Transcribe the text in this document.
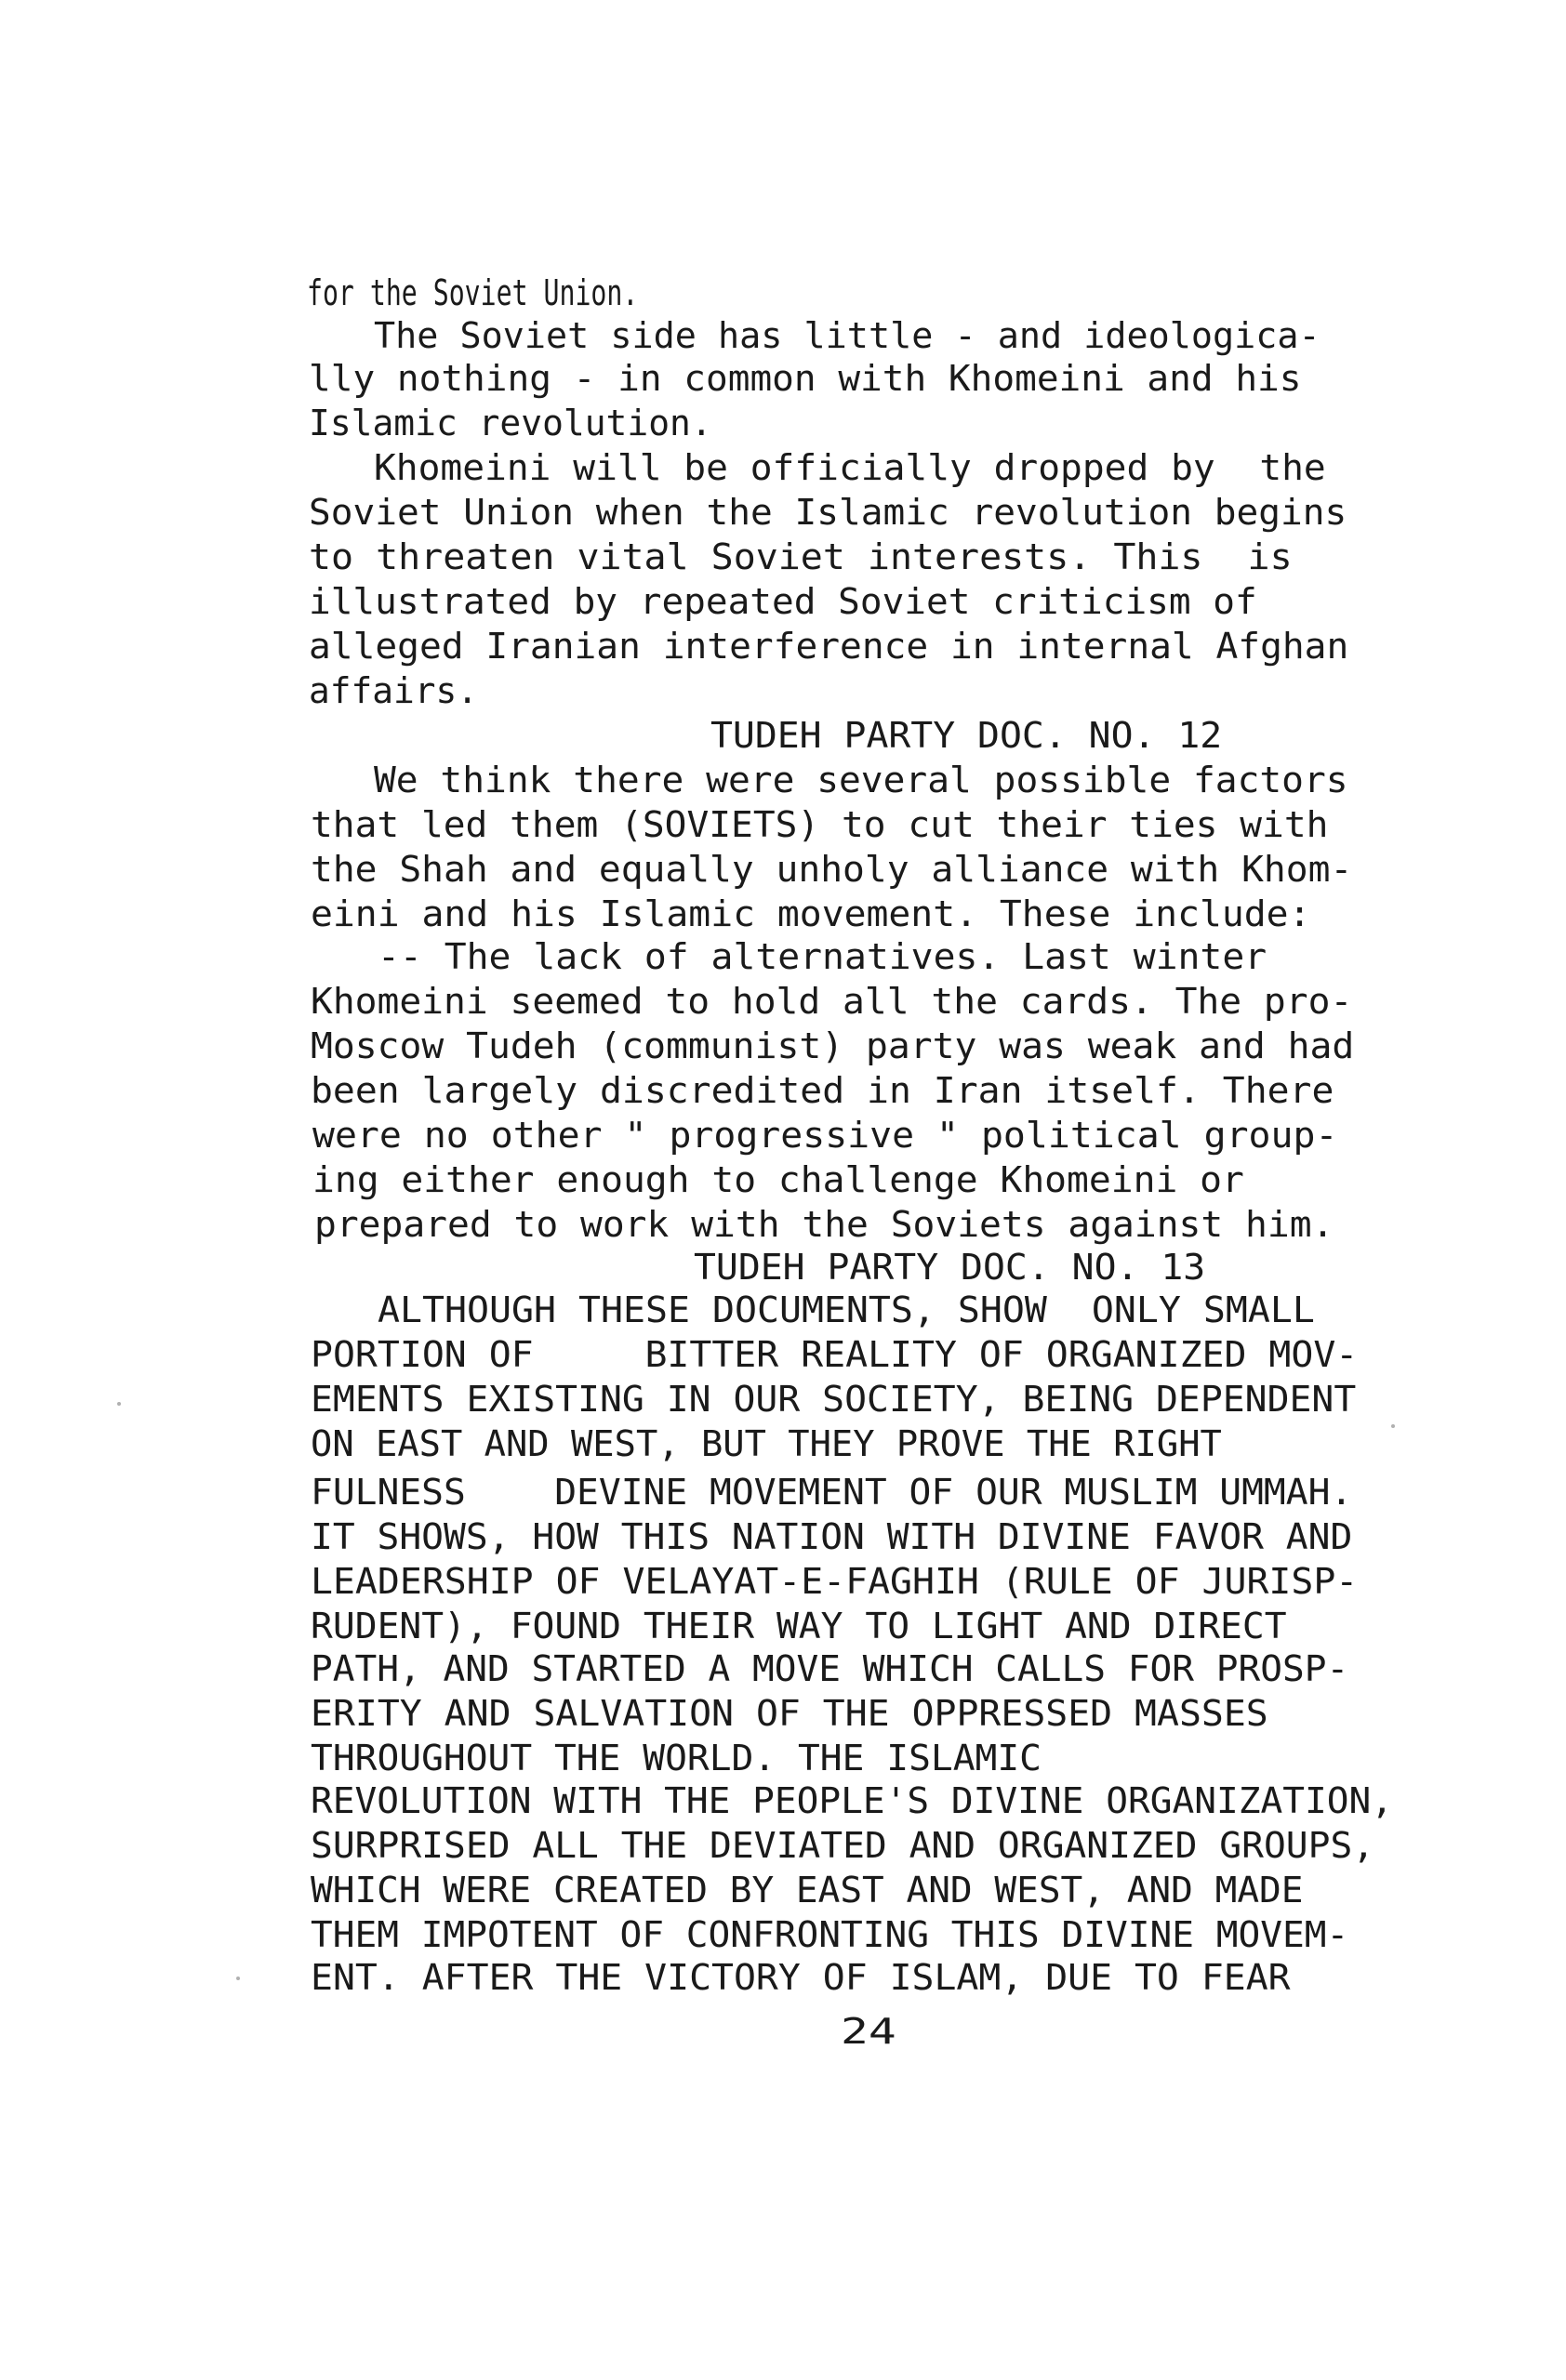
for the Soviet Union.
The Soviet side has little - and ideologica-
lly nothing - in common with Khomeini and his
Islamic revolution.
Khomeini will be officially dropped by  the
Soviet Union when the Islamic revolution begins
to threaten vital Soviet interests. This  is
illustrated by repeated Soviet criticism of
alleged Iranian interference in internal Afghan
affairs.
TUDEH PARTY DOC. NO. 12
We think there were several possible factors
that led them (SOVIETS) to cut their ties with
the Shah and equally unholy alliance with Khom-
eini and his Islamic movement. These include:
-- The lack of alternatives. Last winter
Khomeini seemed to hold all the cards. The pro-
Moscow Tudeh (communist) party was weak and had
been largely discredited in Iran itself. There
were no other " progressive " political group-
ing either enough to challenge Khomeini or
prepared to work with the Soviets against him.
TUDEH PARTY DOC. NO. 13
ALTHOUGH THESE DOCUMENTS, SHOW  ONLY SMALL
PORTION OF     BITTER REALITY OF ORGANIZED MOV-
EMENTS EXISTING IN OUR SOCIETY, BEING DEPENDENT
ON EAST AND WEST, BUT THEY PROVE THE RIGHT
FULNESS    DEVINE MOVEMENT OF OUR MUSLIM UMMAH.
IT SHOWS, HOW THIS NATION WITH DIVINE FAVOR AND
LEADERSHIP OF VELAYAT-E-FAGHIH (RULE OF JURISP-
RUDENT), FOUND THEIR WAY TO LIGHT AND DIRECT
PATH, AND STARTED A MOVE WHICH CALLS FOR PROSP-
ERITY AND SALVATION OF THE OPPRESSED MASSES
THROUGHOUT THE WORLD. THE ISLAMIC
REVOLUTION WITH THE PEOPLE'S DIVINE ORGANIZATION,
SURPRISED ALL THE DEVIATED AND ORGANIZED GROUPS,
WHICH WERE CREATED BY EAST AND WEST, AND MADE
THEM IMPOTENT OF CONFRONTING THIS DIVINE MOVEM-
ENT. AFTER THE VICTORY OF ISLAM, DUE TO FEAR
24
